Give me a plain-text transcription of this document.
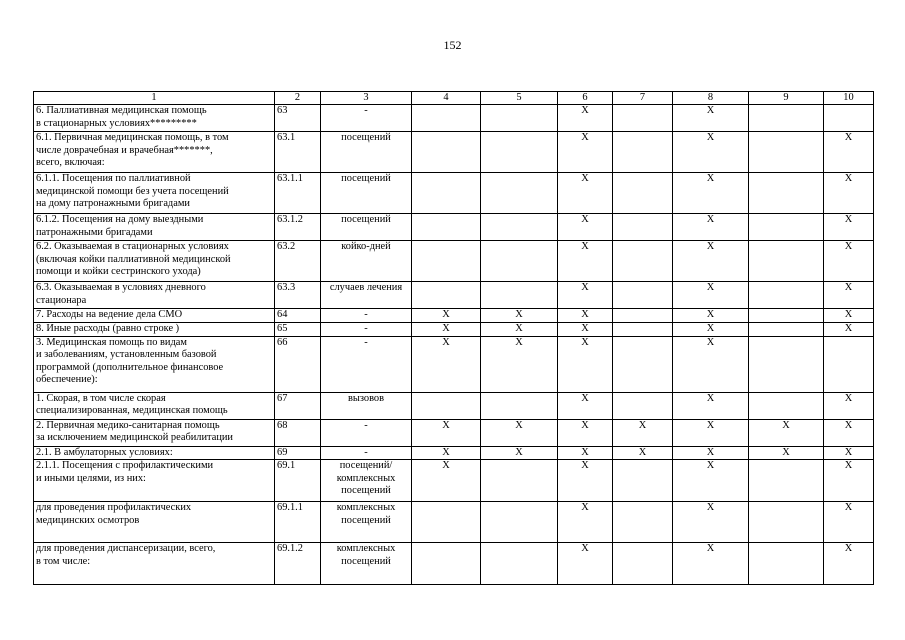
152
1	2	3	4	5	6	7	8	9	10
6. Паллиативная медицинская помощь
в стационарных условиях*********	63	-			X		X		
6.1. Первичная медицинская помощь, в том
числе доврачебная и врачебная*******,
всего, включая:	63.1	посещений			X		X		X
6.1.1. Посещения по паллиативной
медицинской помощи без учета посещений
на дому патронажными бригадами	63.1.1	посещений			X		X		X
6.1.2. Посещения на дому выездными
патронажными бригадами	63.1.2	посещений			X		X		X
6.2. Оказываемая в стационарных условиях
(включая койки паллиативной медицинской
помощи и койки сестринского ухода)	63.2	койко-дней			X		X		X
6.3. Оказываемая в условиях дневного
стационара	63.3	случаев лечения			X		X		X
7. Расходы на ведение дела СМО	64	-	X	X	X		X		X
8. Иные расходы (равно строке )	65	-	X	X	X		X		X
3. Медицинская помощь по видам
и заболеваниям, установленным базовой
программой (дополнительное финансовое
обеспечение):	66	-	X	X	X		X		
1. Скорая, в том числе скорая
специализированная, медицинская помощь	67	вызовов			X		X		X
2. Первичная медико-санитарная помощь
за исключением медицинской реабилитации	68	-	X	X	X	X	X	X	X
2.1. В амбулаторных условиях:	69	-	X	X	X	X	X	X	X
2.1.1. Посещения с профилактическими
и иными целями, из них:	69.1	посещений/
комплексных
посещений	X		X		X		X
для проведения профилактических
медицинских осмотров	69.1.1	комплексных
посещений			X		X		X
для проведения диспансеризации, всего,
в том числе:	69.1.2	комплексных
посещений			X		X		X
